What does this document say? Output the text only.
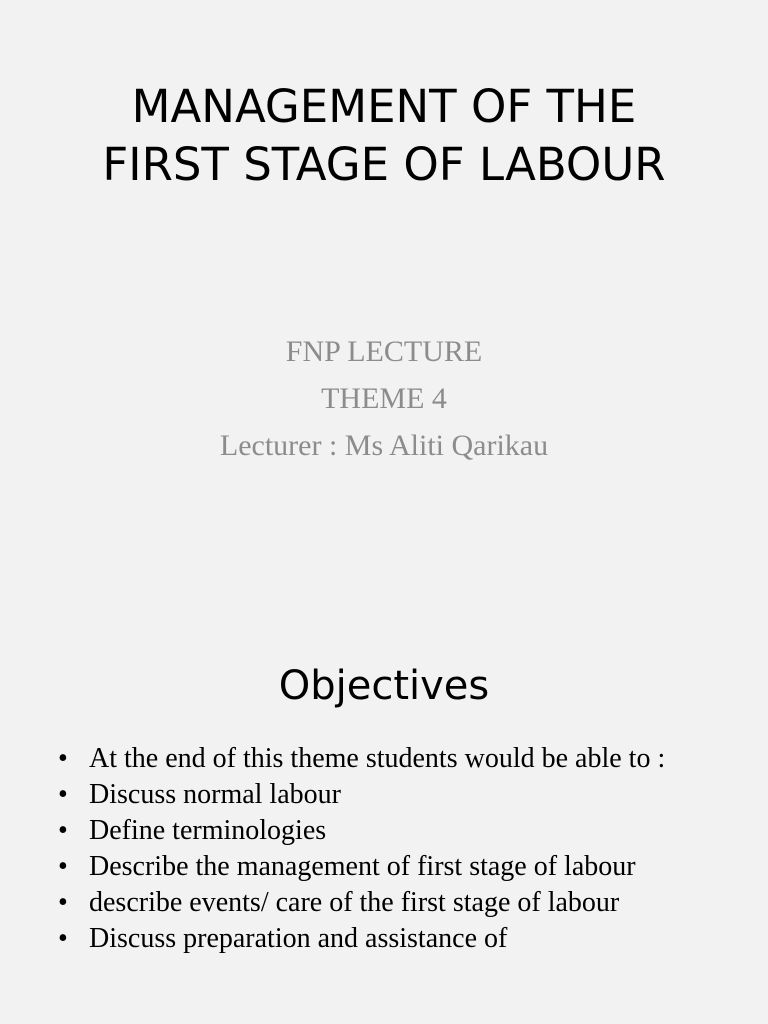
MANAGEMENT OF THE
FIRST STAGE OF LABOUR
FNP LECTURE
THEME 4
Lecturer : Ms Aliti Qarikau
Objectives
• At the end of this theme students would be able to :
• Discuss normal labour
• Define terminologies
• Describe the management of first stage of labour
• describe events/ care of the first stage of labour
• Discuss preparation and assistance of
